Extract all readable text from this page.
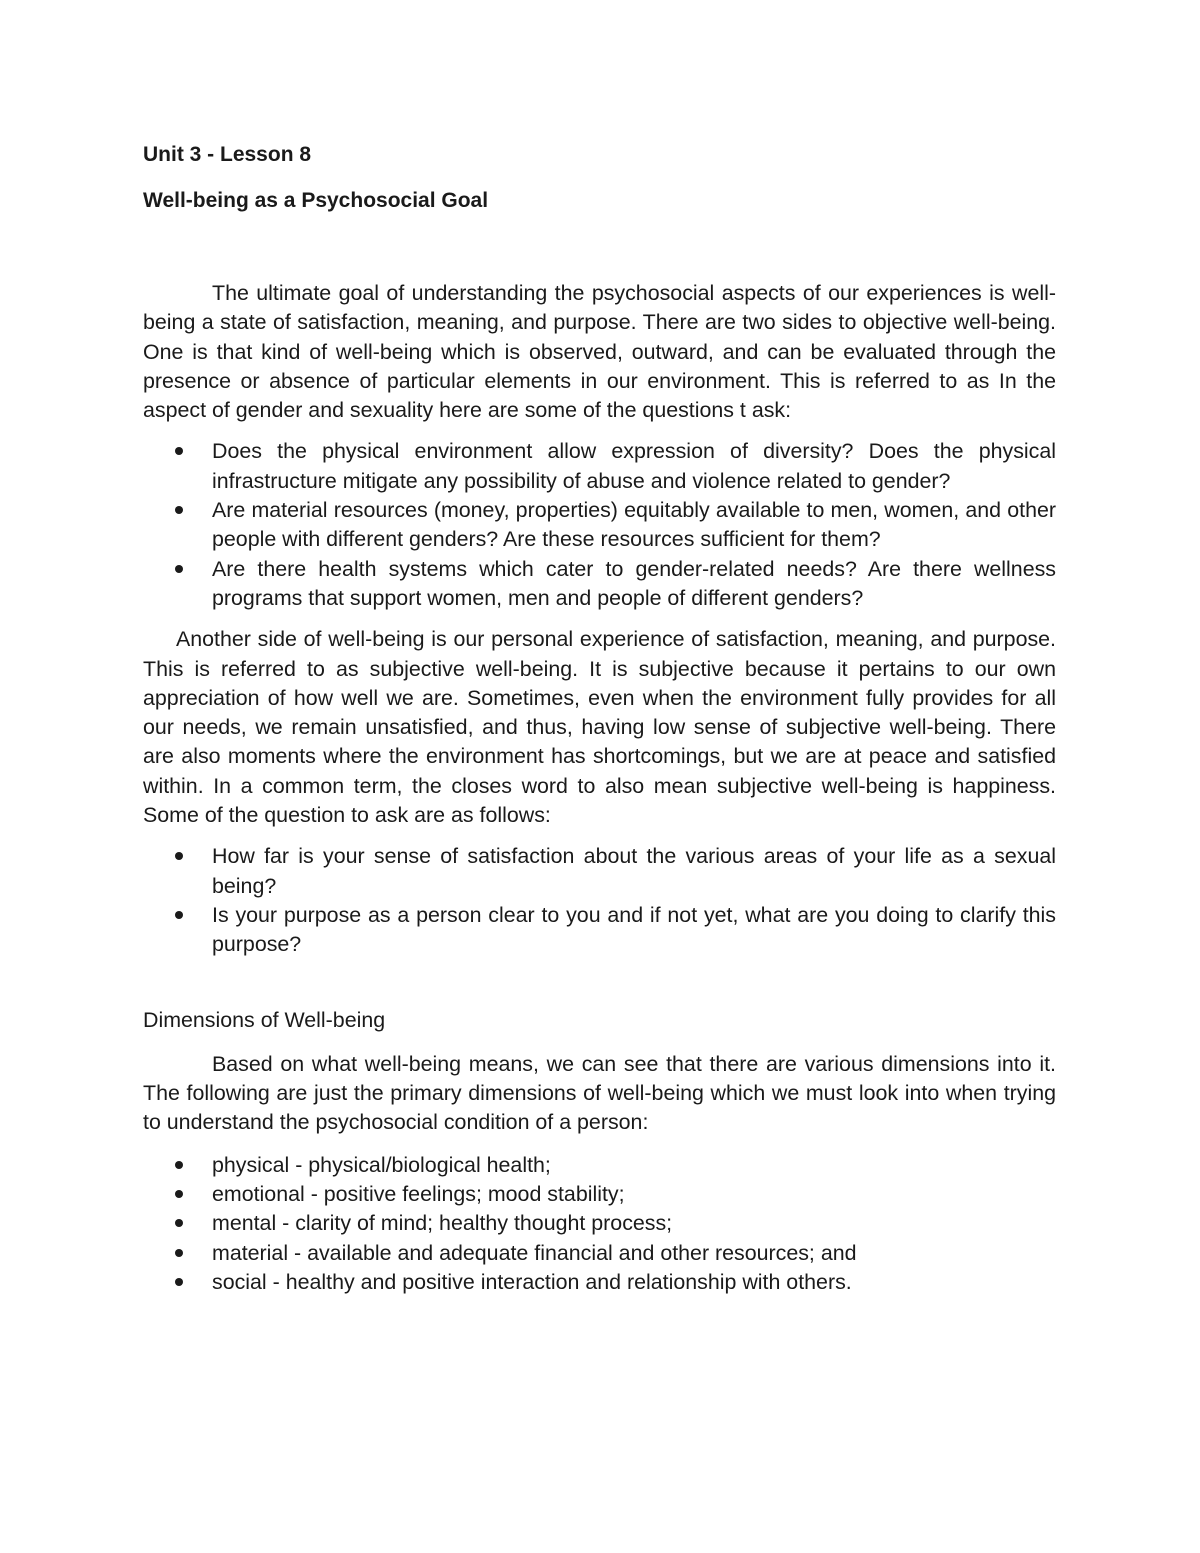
Unit 3 - Lesson 8

Well-being as a Psychosocial Goal

The ultimate goal of understanding the psychosocial aspects of our experiences is well- being a state of satisfaction, meaning, and purpose. There are two sides to objective well-being. One is that kind of well-being which is observed, outward, and can be evaluated through the presence or absence of particular elements in our environment. This is referred to as In the aspect of gender and sexuality here are some of the questions t ask:

Does the physical environment allow expression of diversity? Does the physical infrastructure mitigate any possibility of abuse and violence related to gender?
Are material resources (money, properties) equitably available to men, women, and other people with different genders? Are these resources sufficient for them?
Are there health systems which cater to gender-related needs? Are there wellness programs that support women, men and people of different genders?

Another side of well-being is our personal experience of satisfaction, meaning, and purpose. This is referred to as subjective well-being. It is subjective because it pertains to our own appreciation of how well we are. Sometimes, even when the environment fully provides for all our needs, we remain unsatisfied, and thus, having low sense of subjective well-being. There are also moments where the environment has shortcomings, but we are at peace and satisfied within. In a common term, the closes word to also mean subjective well-being is happiness. Some of the question to ask are as follows:

How far is your sense of satisfaction about the various areas of your life as a sexual being?
Is your purpose as a person clear to you and if not yet, what are you doing to clarify this purpose?

Dimensions of Well-being

Based on what well-being means, we can see that there are various dimensions into it. The following are just the primary dimensions of well-being which we must look into when trying to understand the psychosocial condition of a person:

physical - physical/biological health;
emotional - positive feelings; mood stability;
mental - clarity of mind; healthy thought process;
material - available and adequate financial and other resources; and
social - healthy and positive interaction and relationship with others.
